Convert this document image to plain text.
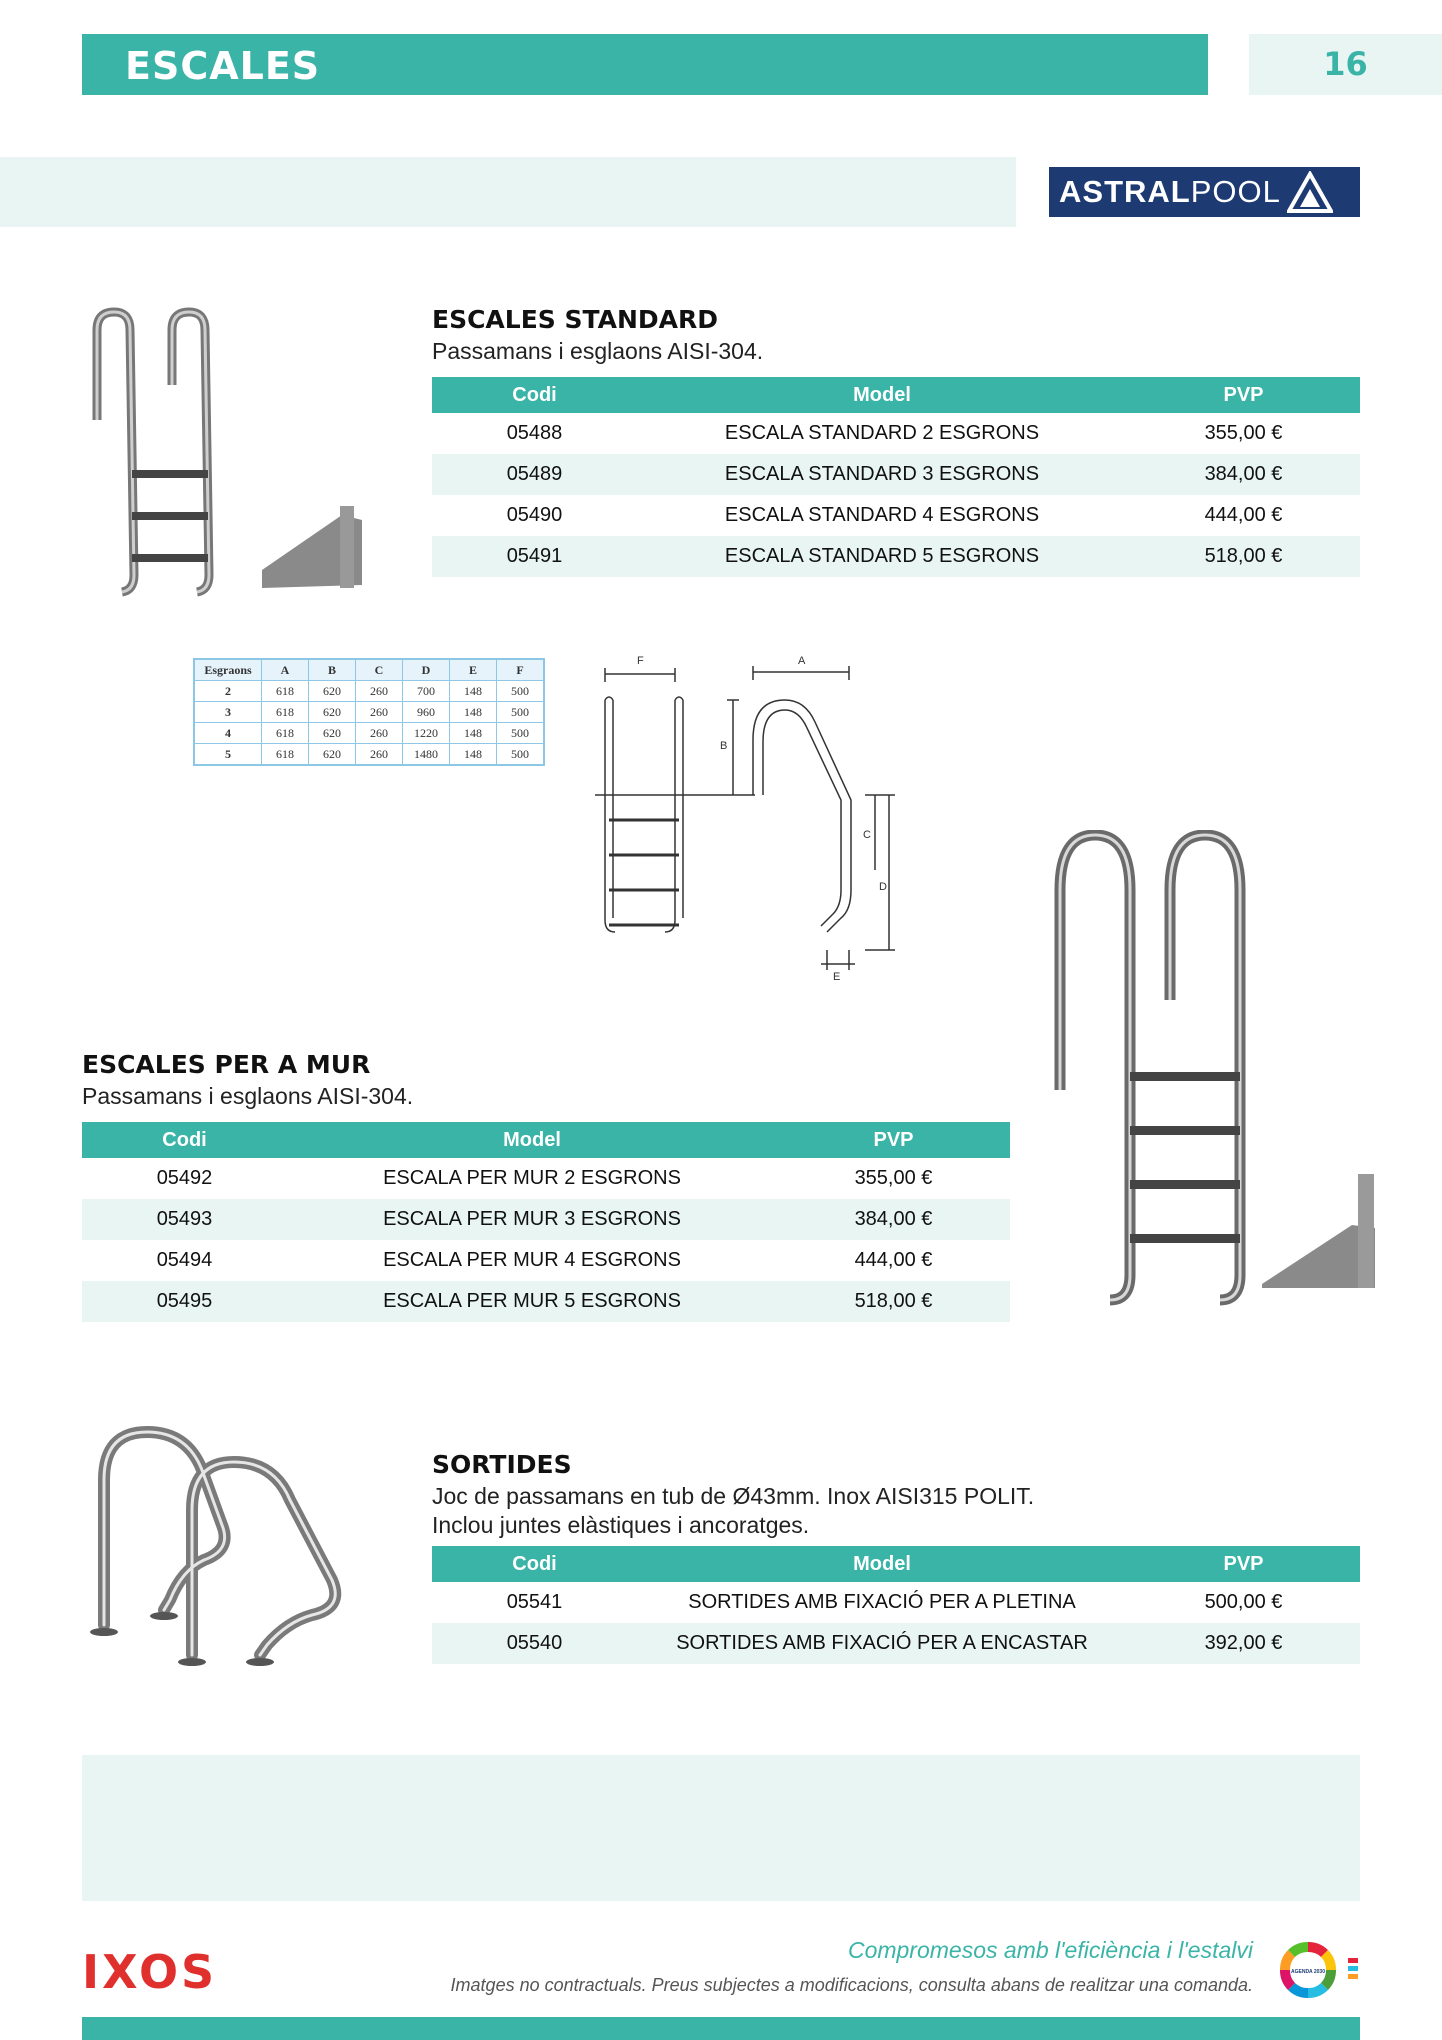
ESCALES	16
ASTRAL POOL
ESCALES STANDARD
Passamans i esglaons AISI-304.
Codi	Model	PVP
05488	ESCALA STANDARD 2 ESGRONS	355,00 €
05489	ESCALA STANDARD 3 ESGRONS	384,00 €
05490	ESCALA STANDARD 4 ESGRONS	444,00 €
05491	ESCALA STANDARD 5 ESGRONS	518,00 €
Esgraons	A	B	C	D	E	F
2	618	620	260	700	148	500
3	618	620	260	960	148	500
4	618	620	260	1220	148	500
5	618	620	260	1480	148	500
F	A
B
C
D
E
ESCALES PER A MUR
Passamans i esglaons AISI-304.
Codi	Model	PVP
05492	ESCALA PER MUR 2 ESGRONS	355,00 €
05493	ESCALA PER MUR 3 ESGRONS	384,00 €
05494	ESCALA PER MUR 4 ESGRONS	444,00 €
05495	ESCALA PER MUR 5 ESGRONS	518,00 €
SORTIDES
Joc de passamans en tub de Ø43mm. Inox AISI315 POLIT.
Inclou juntes elàstiques i ancoratges.
Codi	Model	PVP
05541	SORTIDES AMB FIXACIÓ PER A PLETINA	500,00 €
05540	SORTIDES AMB FIXACIÓ PER A ENCASTAR	392,00 €
IXOS	Compromesos amb l'eficiència i l'estalvi
Imatges no contractuals. Preus subjectes a modificacions, consulta abans de realitzar una comanda.
AGENDA 2030
